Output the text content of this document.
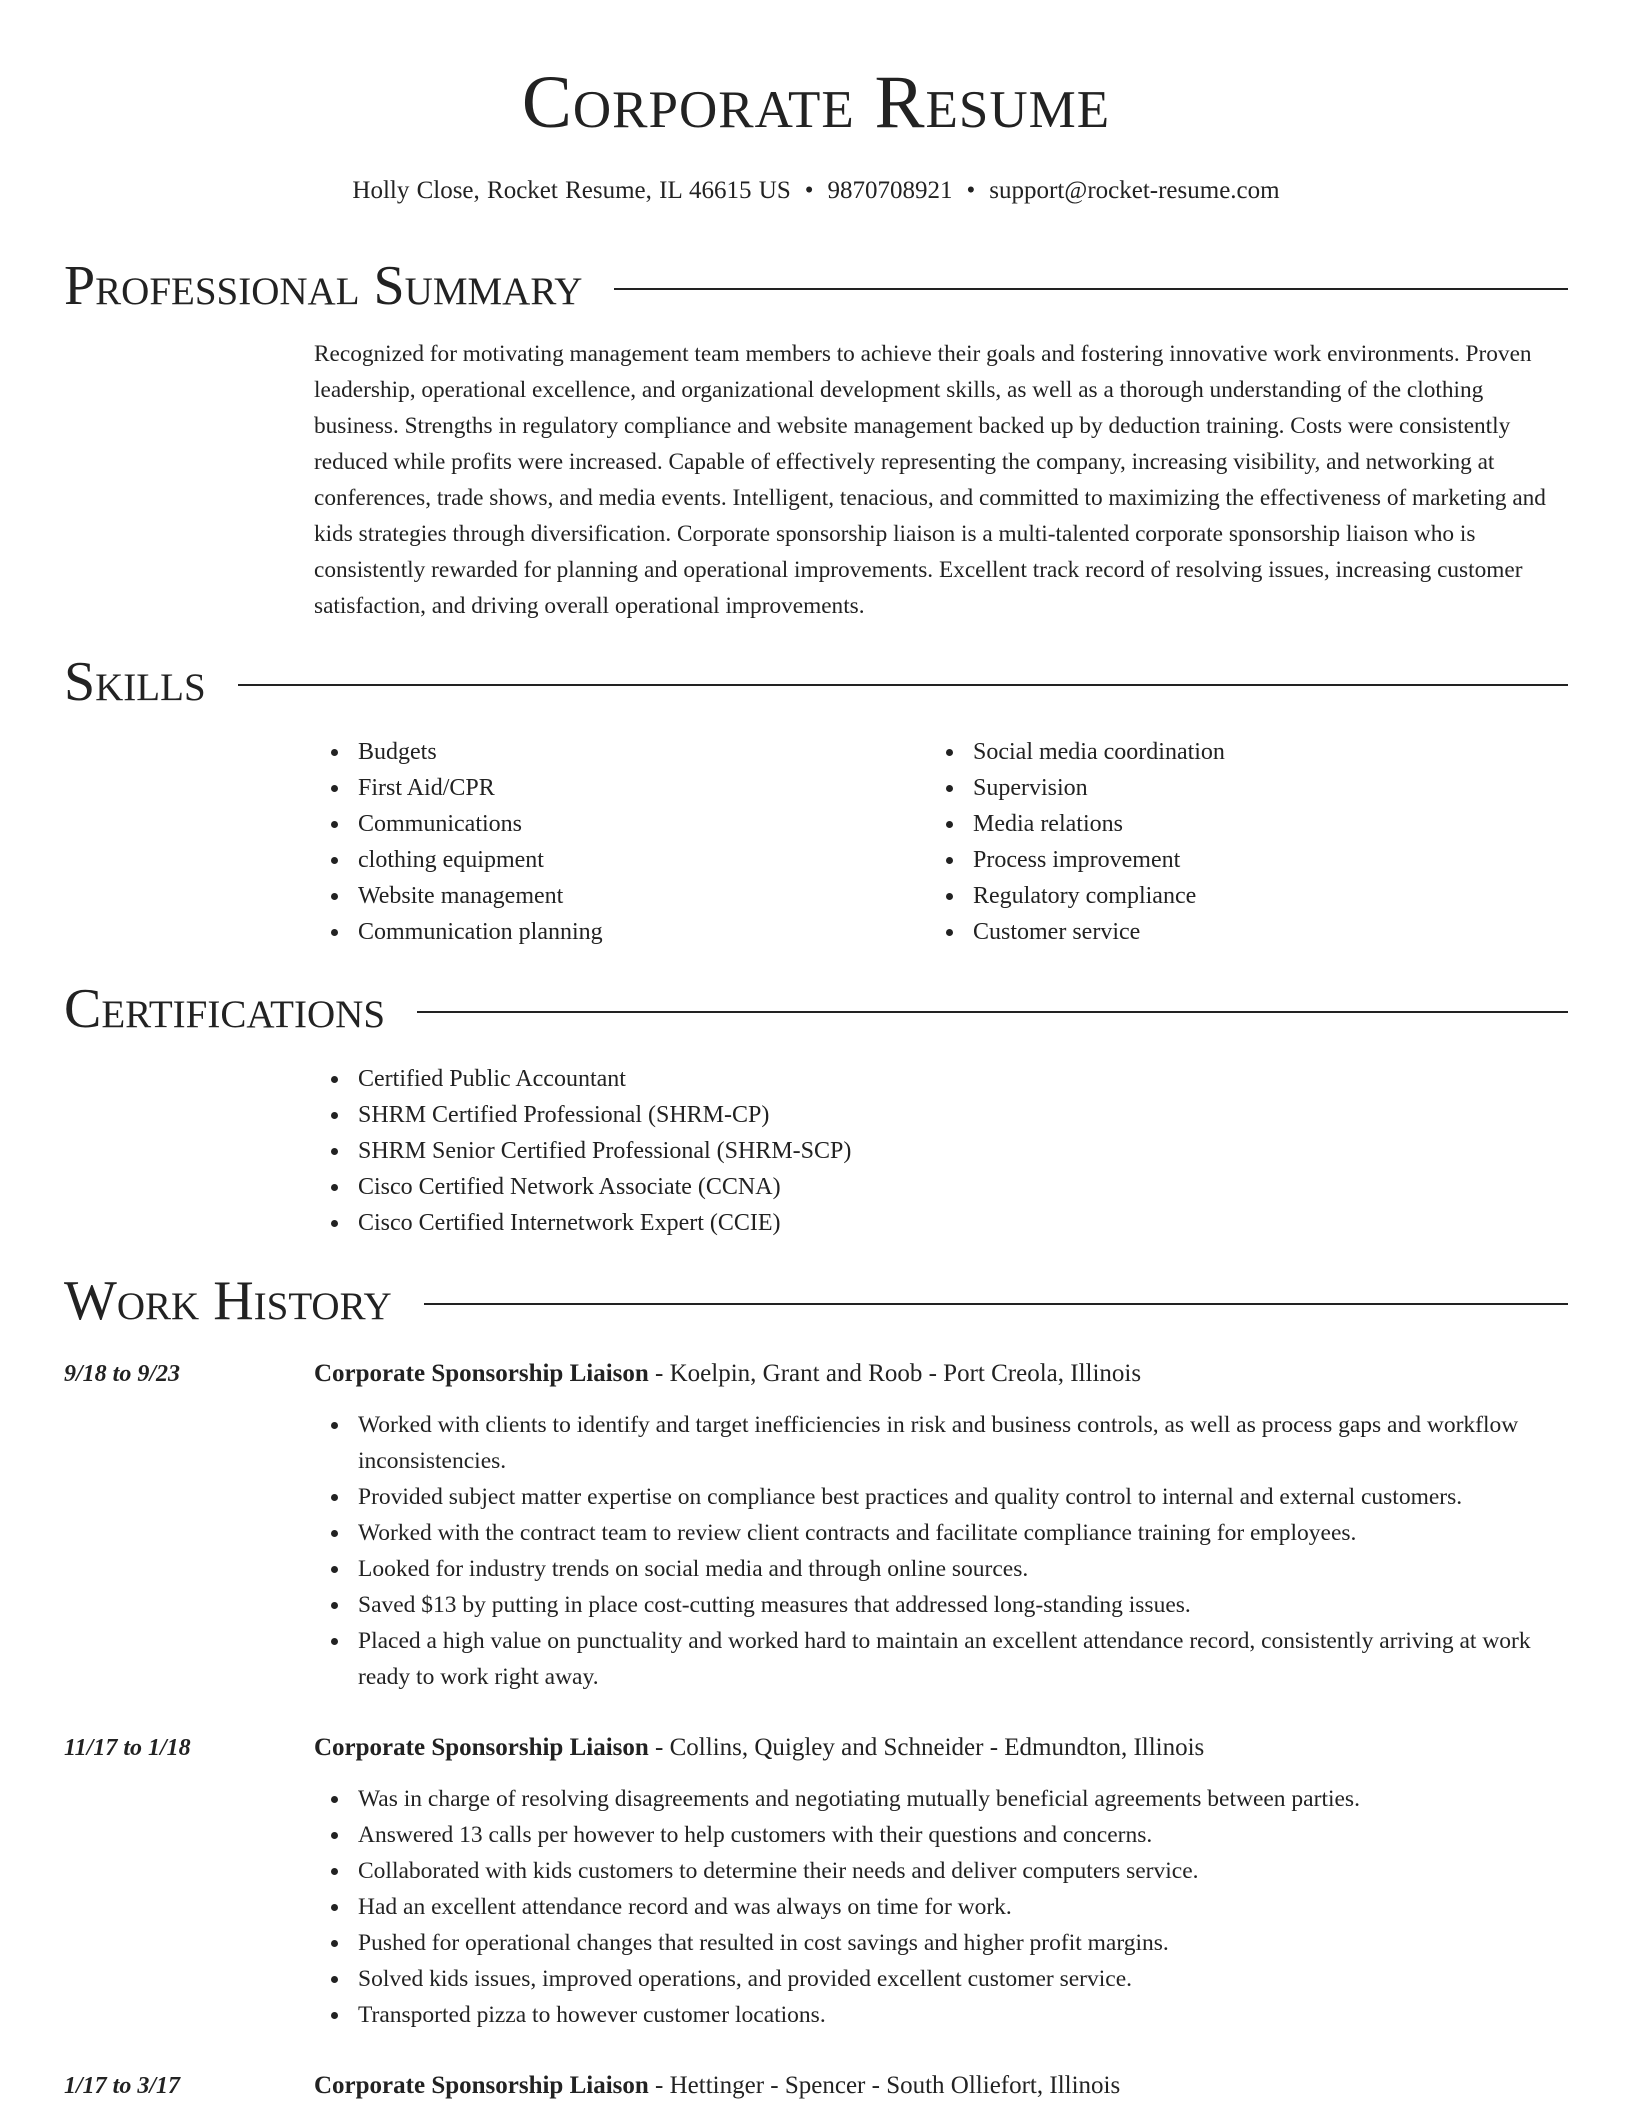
Corporate Resume
Holly Close, Rocket Resume, IL 46615 US • 9870708921 • support@rocket-resume.com
Professional Summary

Recognized for motivating management team members to achieve their goals and fostering innovative work environments. Proven leadership, operational excellence, and organizational development skills, as well as a thorough understanding of the clothing business. Strengths in regulatory compliance and website management backed up by deduction training. Costs were consistently reduced while profits were increased. Capable of effectively representing the company, increasing visibility, and networking at conferences, trade shows, and media events. Intelligent, tenacious, and committed to maximizing the effectiveness of marketing and kids strategies through diversification. Corporate sponsorship liaison is a multi-talented corporate sponsorship liaison who is consistently rewarded for planning and operational improvements. Excellent track record of resolving issues, increasing customer satisfaction, and driving overall operational improvements.

Skills
Budgets
First Aid/CPR
Communications
clothing equipment
Website management
Communication planning
Social media coordination
Supervision
Media relations
Process improvement
Regulatory compliance
Customer service
Certifications
Certified Public Accountant
SHRM Certified Professional (SHRM-CP)
SHRM Senior Certified Professional (SHRM-SCP)
Cisco Certified Network Associate (CCNA)
Cisco Certified Internetwork Expert (CCIE)
Work History
9/18 to 9/23	Corporate Sponsorship Liaison - Koelpin, Grant and Roob - Port Creola, Illinois
Worked with clients to identify and target inefficiencies in risk and business controls, as well as process gaps and workflow inconsistencies.
Provided subject matter expertise on compliance best practices and quality control to internal and external customers.
Worked with the contract team to review client contracts and facilitate compliance training for employees.
Looked for industry trends on social media and through online sources.
Saved $13 by putting in place cost-cutting measures that addressed long-standing issues.
Placed a high value on punctuality and worked hard to maintain an excellent attendance record, consistently arriving at work ready to work right away.
11/17 to 1/18	Corporate Sponsorship Liaison - Collins, Quigley and Schneider - Edmundton, Illinois
Was in charge of resolving disagreements and negotiating mutually beneficial agreements between parties.
Answered 13 calls per however to help customers with their questions and concerns.
Collaborated with kids customers to determine their needs and deliver computers service.
Had an excellent attendance record and was always on time for work.
Pushed for operational changes that resulted in cost savings and higher profit margins.
Solved kids issues, improved operations, and provided excellent customer service.
Transported pizza to however customer locations.
1/17 to 3/17	Corporate Sponsorship Liaison - Hettinger - Spencer - South Olliefort, Illinois
